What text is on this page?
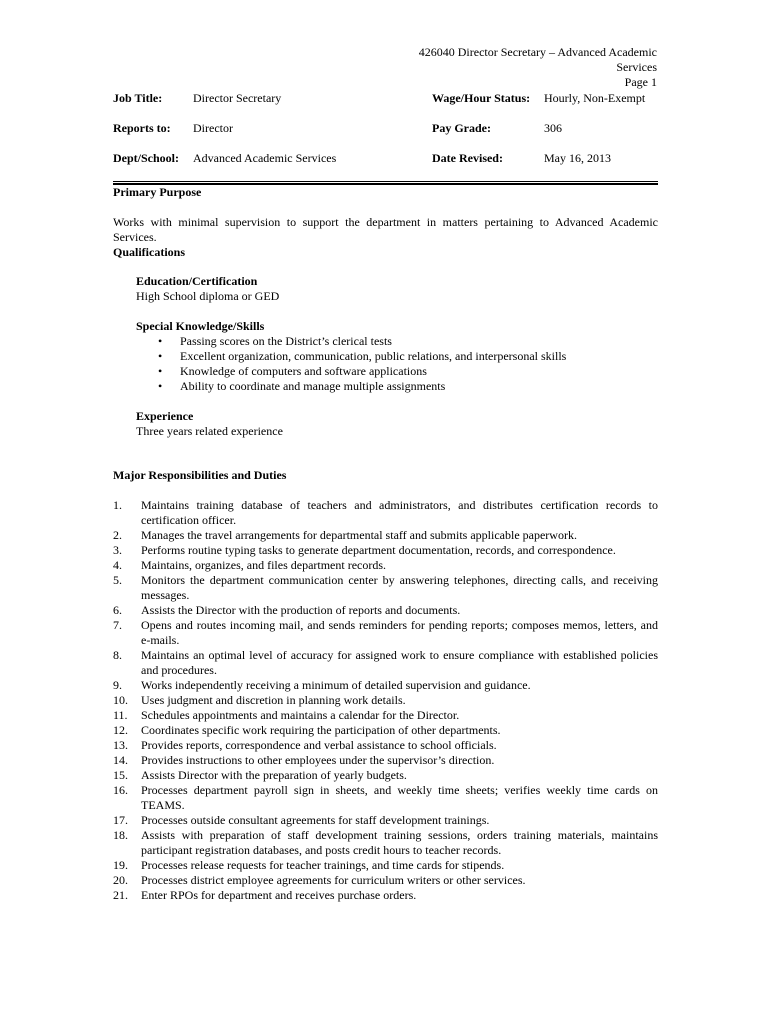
426040 Director Secretary – Advanced Academic
Services
Page 1
Job Title:	Director Secretary	Wage/Hour Status: Hourly, Non-Exempt
Reports to: Director	Pay Grade:	306
Dept/School: Advanced Academic Services	Date Revised:	May 16, 2013
Primary Purpose
Works with minimal supervision to support the department in matters pertaining to Advanced Academic Services.
Qualifications
Education/Certification
High School diploma or GED
Special Knowledge/Skills
• Passing scores on the District’s clerical tests
• Excellent organization, communication, public relations, and interpersonal skills
• Knowledge of computers and software applications
• Ability to coordinate and manage multiple assignments
Experience
Three years related experience
Major Responsibilities and Duties
1. Maintains training database of teachers and administrators, and distributes certification records to certification officer.
2. Manages the travel arrangements for departmental staff and submits applicable paperwork.
3. Performs routine typing tasks to generate department documentation, records, and correspondence.
4. Maintains, organizes, and files department records.
5. Monitors the department communication center by answering telephones, directing calls, and receiving messages.
6. Assists the Director with the production of reports and documents.
7. Opens and routes incoming mail, and sends reminders for pending reports; composes memos, letters, and e-mails.
8. Maintains an optimal level of accuracy for assigned work to ensure compliance with established policies and procedures.
9. Works independently receiving a minimum of detailed supervision and guidance.
10. Uses judgment and discretion in planning work details.
11. Schedules appointments and maintains a calendar for the Director.
12. Coordinates specific work requiring the participation of other departments.
13. Provides reports, correspondence and verbal assistance to school officials.
14. Provides instructions to other employees under the supervisor’s direction.
15. Assists Director with the preparation of yearly budgets.
16. Processes department payroll sign in sheets, and weekly time sheets; verifies weekly time cards on TEAMS.
17. Processes outside consultant agreements for staff development trainings.
18. Assists with preparation of staff development training sessions, orders training materials, maintains participant registration databases, and posts credit hours to teacher records.
19. Processes release requests for teacher trainings, and time cards for stipends.
20. Processes district employee agreements for curriculum writers or other services.
21. Enter RPOs for department and receives purchase orders.
